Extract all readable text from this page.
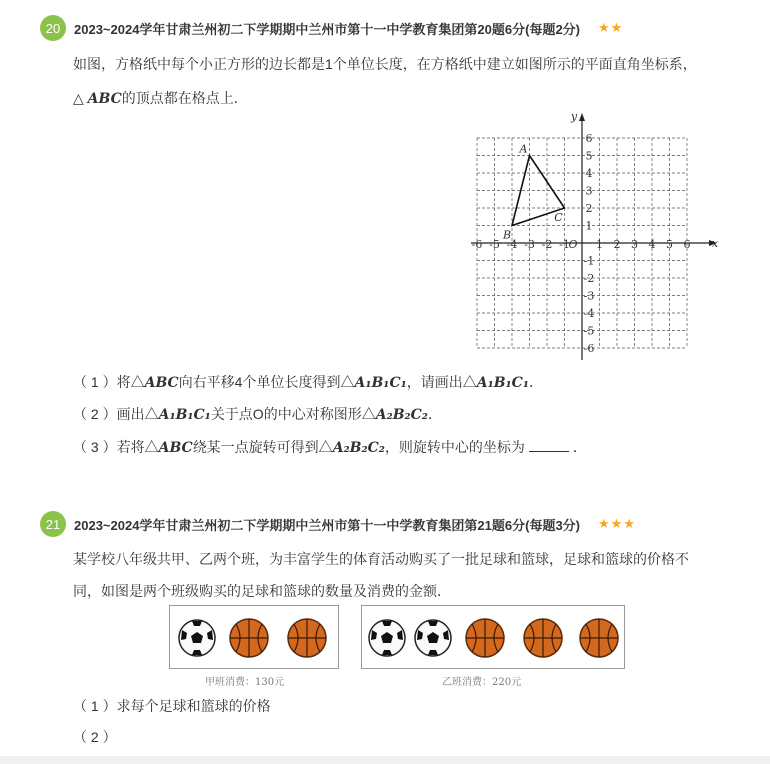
20	2023~2024学年甘肃兰州初二下学期期中兰州市第十一中学教育集团第20题6分(每题2分) ★★
如图，方格纸中每个小正方形的边长都是1个单位长度，在方格纸中建立如图所示的平面直角坐标系，
△ ABC的顶点都在格点上．
x
y
O
-6 -5 -4 -3 -2 -1 1 2 3 4 5 6
1
2
3
4
5
6
-1
-2
-3
-4
-5
-6
A
B
C
（ 1 ）将△ABC向右平移4个单位长度得到△A₁B₁C₁，请画出△A₁B₁C₁．
（ 2 ）画出△A₁B₁C₁关于点O的中心对称图形△A₂B₂C₂．
（ 3 ）若将△ABC绕某一点旋转可得到△A₂B₂C₂，则旋转中心的坐标为	．
21	2023~2024学年甘肃兰州初二下学期期中兰州市第十一中学教育集团第21题6分(每题3分) ★★★
某学校八年级共甲、乙两个班，为丰富学生的体育活动购买了一批足球和篮球，足球和篮球的价格不
同，如图是两个班级购买的足球和篮球的数量及消费的金额．
甲班消费：130元	乙班消费：220元
（ 1 ）求每个足球和篮球的价格
（ 2 ）
